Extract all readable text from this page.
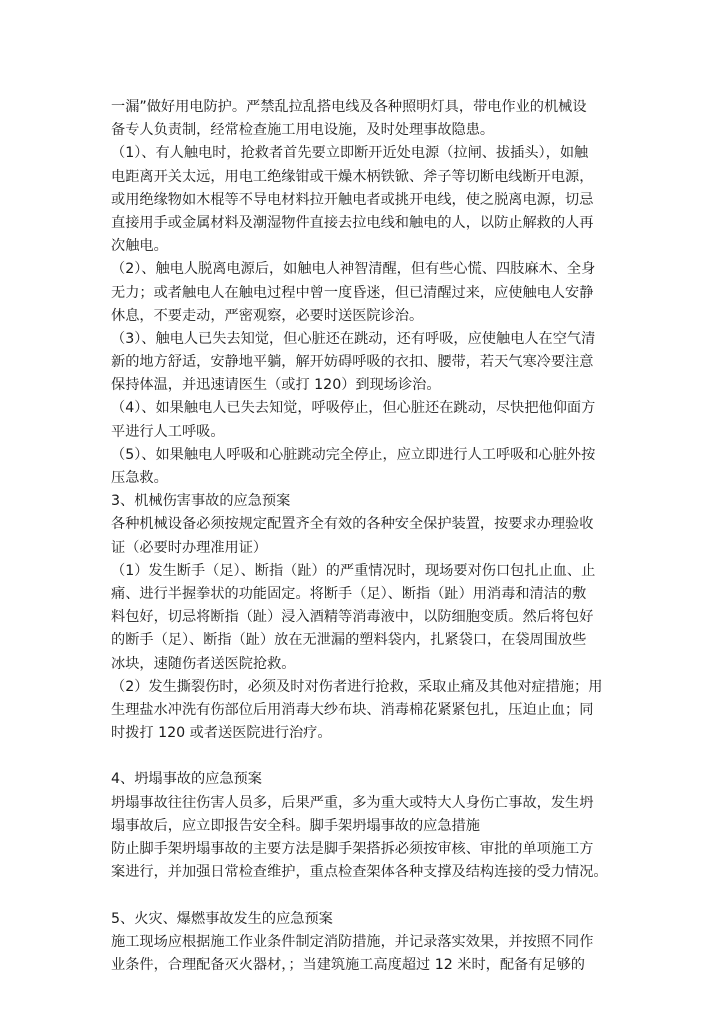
一漏”做好用电防护。严禁乱拉乱搭电线及各种照明灯具，带电作业的机械设
备专人负责制，经常检查施工用电设施，及时处理事故隐患。
（1）、有人触电时，抢救者首先要立即断开近处电源（拉闸、拔插头），如触
电距离开关太远，用电工绝缘钳或干燥木柄铁锨、斧子等切断电线断开电源，
或用绝缘物如木棍等不导电材料拉开触电者或挑开电线，使之脱离电源，切忌
直接用手或金属材料及潮湿物件直接去拉电线和触电的人，以防止解救的人再
次触电。
（2）、触电人脱离电源后，如触电人神智清醒，但有些心慌、四肢麻木、全身
无力；或者触电人在触电过程中曾一度昏迷，但已清醒过来，应使触电人安静
休息，不要走动，严密观察，必要时送医院诊治。
（3）、触电人已失去知觉，但心脏还在跳动，还有呼吸，应使触电人在空气清
新的地方舒适，安静地平躺，解开妨碍呼吸的衣扣、腰带，若天气寒冷要注意
保持体温，并迅速请医生（或打 120）到现场诊治。
（4）、如果触电人已失去知觉，呼吸停止，但心脏还在跳动，尽快把他仰面方
平进行人工呼吸。
（5）、如果触电人呼吸和心脏跳动完全停止，应立即进行人工呼吸和心脏外按
压急救。
3、机械伤害事故的应急预案
各种机械设备必须按规定配置齐全有效的各种安全保护装置，按要求办理验收
证（必要时办理准用证）
（1）发生断手（足）、断指（趾）的严重情况时，现场要对伤口包扎止血、止
痛、进行半握拳状的功能固定。将断手（足）、断指（趾）用消毒和清洁的敷
料包好，切忌将断指（趾）浸入酒精等消毒液中，以防细胞变质。然后将包好
的断手（足）、断指（趾）放在无泄漏的塑料袋内，扎紧袋口，在袋周围放些
冰块，速随伤者送医院抢救。
（2）发生撕裂伤时，必须及时对伤者进行抢救，采取止痛及其他对症措施；用
生理盐水冲洗有伤部位后用消毒大纱布块、消毒棉花紧紧包扎，压迫止血；同
时拨打 120 或者送医院进行治疗。
4、坍塌事故的应急预案
坍塌事故往往伤害人员多，后果严重，多为重大或特大人身伤亡事故，发生坍
塌事故后，应立即报告安全科。脚手架坍塌事故的应急措施
防止脚手架坍塌事故的主要方法是脚手架搭拆必须按审核、审批的单项施工方
案进行，并加强日常检查维护，重点检查架体各种支撑及结构连接的受力情况。
5、火灾、爆燃事故发生的应急预案
施工现场应根据施工作业条件制定消防措施，并记录落实效果，并按照不同作
业条件，合理配备灭火器材，；当建筑施工高度超过 12 米时，配备有足够的
